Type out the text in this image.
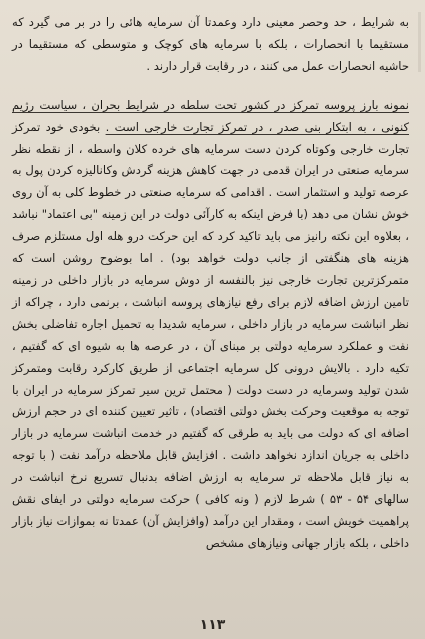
به شرایط ، حد وحصر معینی دارد وعمدتا آن سرمایه هائی را در بر می گیرد که مستقیما با انحصارات ، بلکه با سرمایه های کوچک و متوسطی که مستقیما در حاشیه انحصارات عمل می کنند ، در رقابت قرار دارند .

نمونه بارز پروسه تمرکز در کشور تحت سلطه در شرایط بحران ، سیاست رژیم کنونی ، به ابتکار بنی صدر ، در تمرکز تجارت خارجی است . بخودی خود تمرکز تجارت خارجی وکوتاه کردن دست سرمایه های خرده کلان واسطه ، از نقطه نظر سرمایه صنعتی در ایران قدمی در جهت کاهش هزینه گردش وکانالیزه کردن پول به عرصه تولید و استثمار است . اقدامی که سرمایه صنعتی در خطوط کلی به آن روی خوش نشان می دهد (با فرض اینکه به کارآئی دولت در این زمینه "بی اعتماد" نباشد ، بعلاوه این نکته رانیز می باید تاکید کرد که این حرکت درو هله اول مستلزم صرف هزینه های هنگفتی از جانب دولت خواهد بود) . اما بوضوح روشن است که متمرکزترین تجارت خارجی نیز بالنفسه از دوش سرمایه در بازار داخلی در زمینه تامین ارزش اضافه لازم برای رفع نیازهای پروسه انباشت ، برنمی دارد ، چراکه از نظر انباشت سرمایه در بازار داخلی ، سرمایه شدیدا به تحمیل اجاره تفاضلی بخش نفت و عملکرد سرمایه دولتی بر مبنای آن ، در عرصه ها به شیوه ای که گفتیم ، تکیه دارد . بالایش درونی کل سرمایه اجتماعی از طریق کارکرد رقابت ومتمرکز شدن تولید وسرمایه در دست دولت ( محتمل ترین سیر تمرکز سرمایه در ایران با توجه به موقعیت وحرکت بخش دولتی اقتصاد) ، تاثیر تعیین کننده ای در حجم ارزش اضافه ای که دولت می باید به طرقی که گفتیم در خدمت انباشت سرمایه در بازار داخلی به جریان اندازد نخواهد داشت . افزایش قابل ملاحظه درآمد نفت ( با توجه به نیاز قابل ملاحظه تر سرمایه به ارزش اضافه بدنبال تسریع نرخ انباشت در سالهای ۵۴ - ۵۳ ) شرط لازم ( ونه کافی ) حرکت سرمایه دولتی در ایفای نقش پراهمیت خویش است ، ومقدار این درآمد (وافزایش آن) عمدتا نه بموازات نیاز بازار داخلی ، بلکه بازار جهانی ونیازهای مشخص

۱۱۳
